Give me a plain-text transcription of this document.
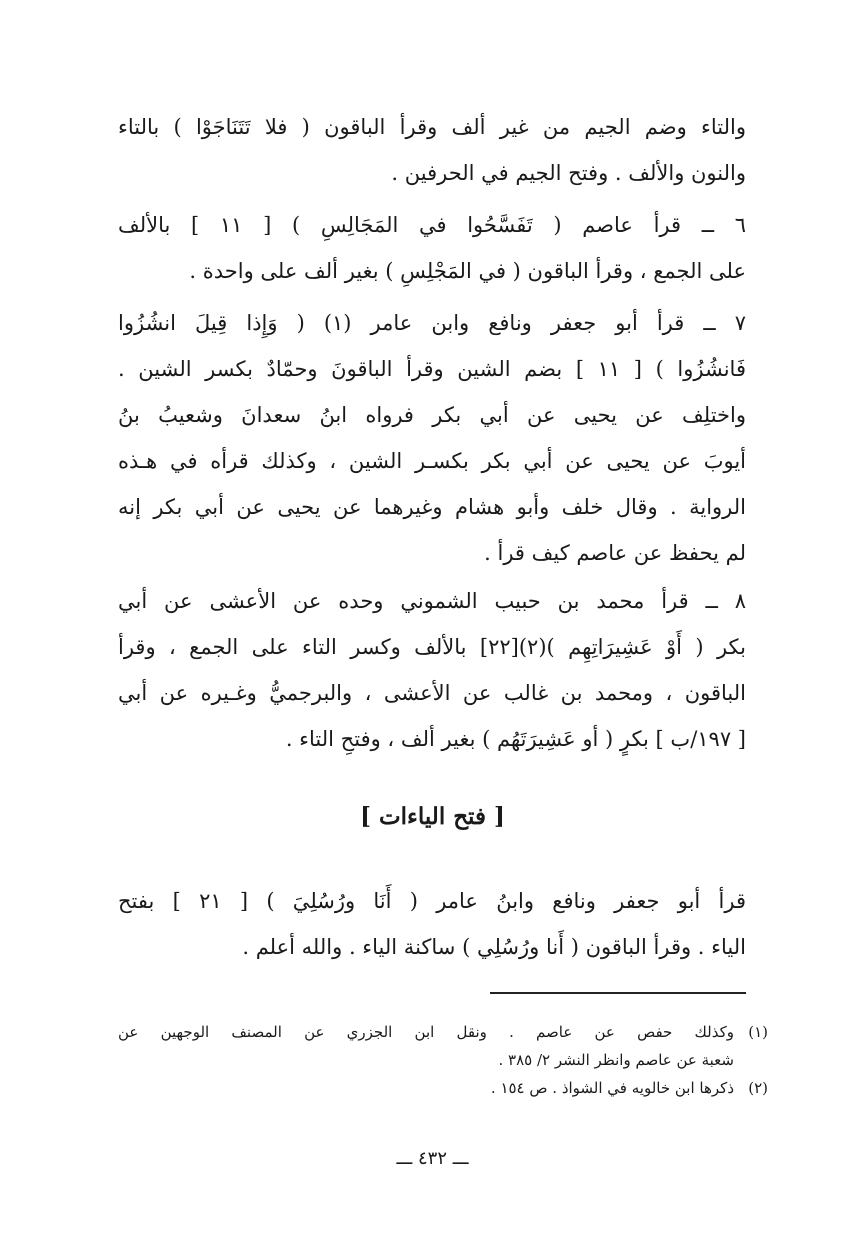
والتاء وضم الجيم من غير ألف وقرأ الباقون ( فلا تَتَنَاجَوْا ) بالتاء
والنون والألف . وفتح الجيم في الحرفين .
٦ ــ قرأ عاصم ( تَفَسَّحُوا في المَجَالِسِ ) [ ١١ ] بالألف
على الجمع ، وقرأ الباقون ( في المَجْلِسِ ) بغير ألف على واحدة .
٧ ــ قرأ أبو جعفر ونافع وابن عامر (١) ( وَإِذا قِيلَ انشُزُوا
فَانشُزُوا ) [ ١١ ] بضم الشين وقرأ الباقونَ وحمّادٌ بكسر الشين .
واختلِف عن يحيى عن أبي بكر فرواه ابنُ سعدانَ وشعيبُ بنُ
أيوبَ عن يحيى عن أبي بكر بكسـر الشين ، وكذلك قرأه في هـذه
الرواية . وقال خلف وأبو هشام وغيرهما عن يحيى عن أبي بكر إنه
لم يحفظ عن عاصم كيف قرأ .
٨ ــ قرأ محمد بن حبيب الشموني وحده عن الأعشى عن أبي
بكر ( أَوْ عَشِيرَاتِهِم )(٢)[٢٢] بالألف وكسر التاء على الجمع ، وقرأ
الباقون ، ومحمد بن غالب عن الأعشى ، والبرجميُّ وغـيره عن أبي
[ ١٩٧/ب ] بكرٍ ( أو عَشِيرَتَهُم ) بغير ألف ، وفتحِ التاء .
[ فتح الياءات ]
قرأ أبو جعفر ونافع وابنُ عامر ( أَنَا ورُسُلِيَ ) [ ٢١ ] بفتح
الياء . وقرأ الباقون ( أَنا ورُسُلِي ) ساكنة الياء . والله أعلم .
(١)وكذلك حفص عن عاصم . ونقل ابن الجزري عن المصنف الوجهين عن
شعبة عن عاصم وانظر النشر ٢/ ٣٨٥ .
(٢)ذكرها ابن خالويه في الشواذ . ص ١٥٤ .
ـــ ٤٣٢ ـــ
